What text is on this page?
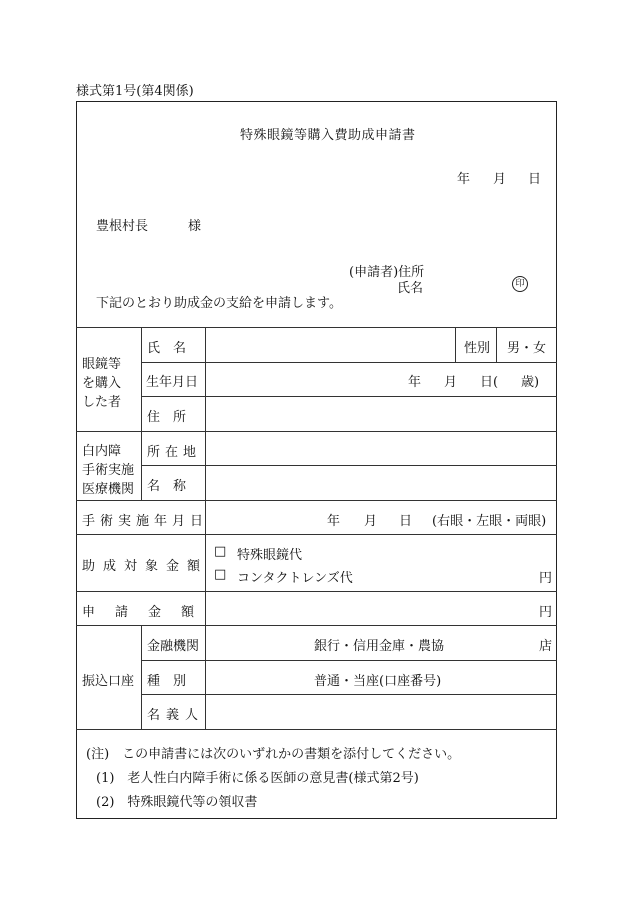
様式第1号(第4関係)
特殊眼鏡等購入費助成申請書
年 月 日
豊根村長	様
(申請者)住所
氏名	印
下記のとおり助成金の支給を申請します。
眼鏡等
を購入
した者
氏　名	性別 男・女
生年月日	年 月 日( 歳)
住　所
白内障
手術実施
医療機関
所在地
名　称
手術実施年月日	年 月 日 (右眼・左眼・両眼)
助成対象金額
□ 特殊眼鏡代
□ コンタクトレンズ代	円
申請金額	円
振込口座
金融機関	銀行・信用金庫・農協	店
種　別	普通・当座(口座番号)
名義人
(注)　この申請書には次のいずれかの書類を添付してください。
(1)　老人性白内障手術に係る医師の意見書(様式第2号)
(2)　特殊眼鏡代等の領収書
